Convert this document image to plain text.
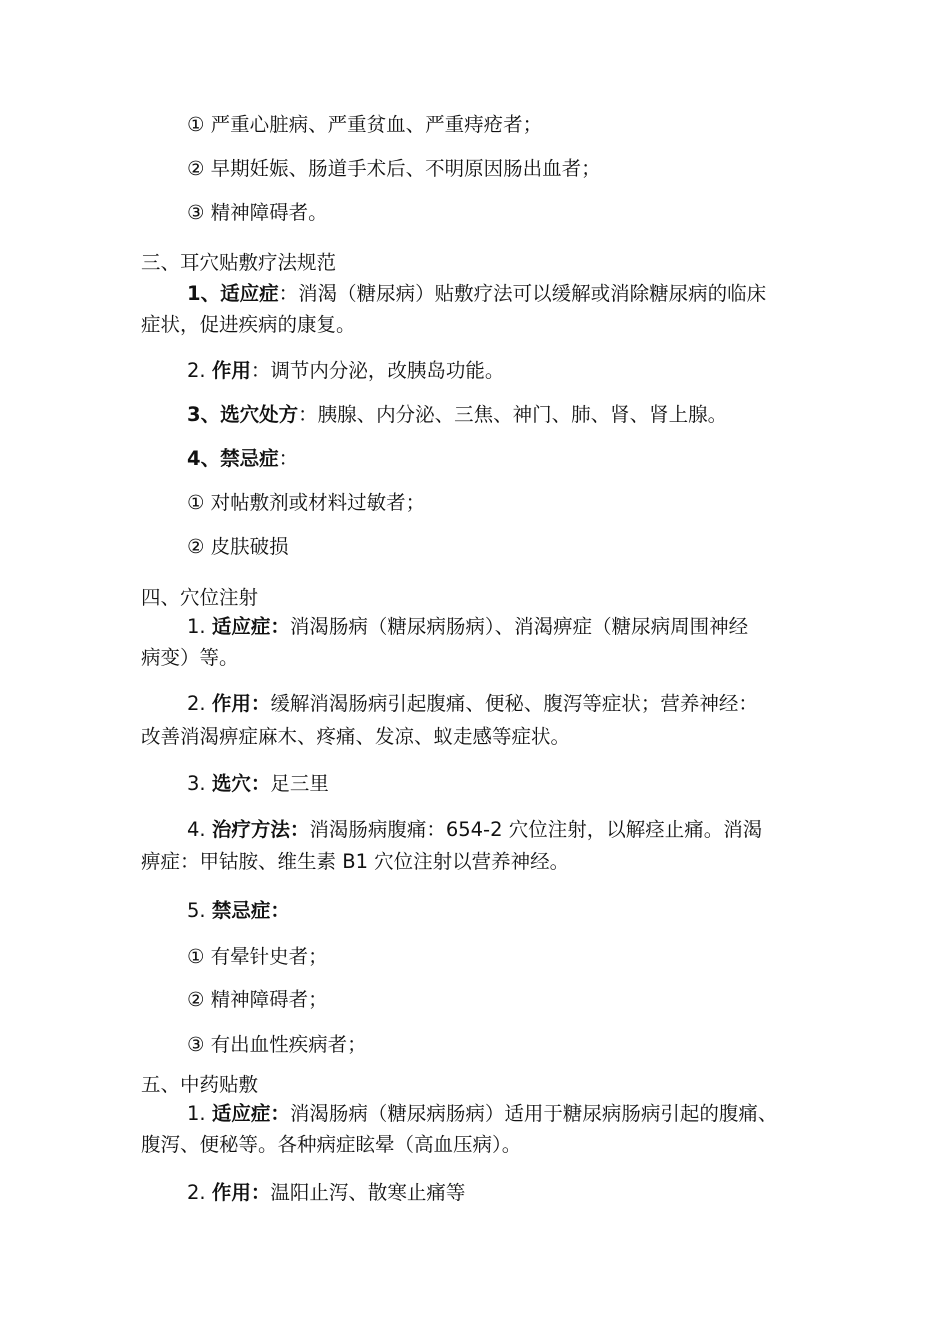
① 严重心脏病、严重贫血、严重痔疮者；
② 早期妊娠、肠道手术后、不明原因肠出血者；
③ 精神障碍者。
三、耳穴贴敷疗法规范
1、适应症：消渴（糖尿病）贴敷疗法可以缓解或消除糖尿病的临床
症状，促进疾病的康复。
2. 作用：调节内分泌，改胰岛功能。
3、选穴处方：胰腺、内分泌、三焦、神门、肺、肾、肾上腺。
4、禁忌症：
① 对帖敷剂或材料过敏者；
② 皮肤破损
四、穴位注射
1. 适应症：消渴肠病（糖尿病肠病）、消渴痹症（糖尿病周围神经
病变）等。
2. 作用：缓解消渴肠病引起腹痛、便秘、腹泻等症状；营养神经：
改善消渴痹症麻木、疼痛、发凉、蚁走感等症状。
3. 选穴：足三里
4. 治疗方法：消渴肠病腹痛：654-2 穴位注射，以解痉止痛。消渴
痹症：甲钴胺、维生素 B1 穴位注射以营养神经。
5. 禁忌症：
① 有晕针史者；
② 精神障碍者；
③ 有出血性疾病者；
五、中药贴敷
1. 适应症：消渴肠病（糖尿病肠病）适用于糖尿病肠病引起的腹痛、
腹泻、便秘等。各种病症眩晕（高血压病）。
2. 作用：温阳止泻、散寒止痛等
